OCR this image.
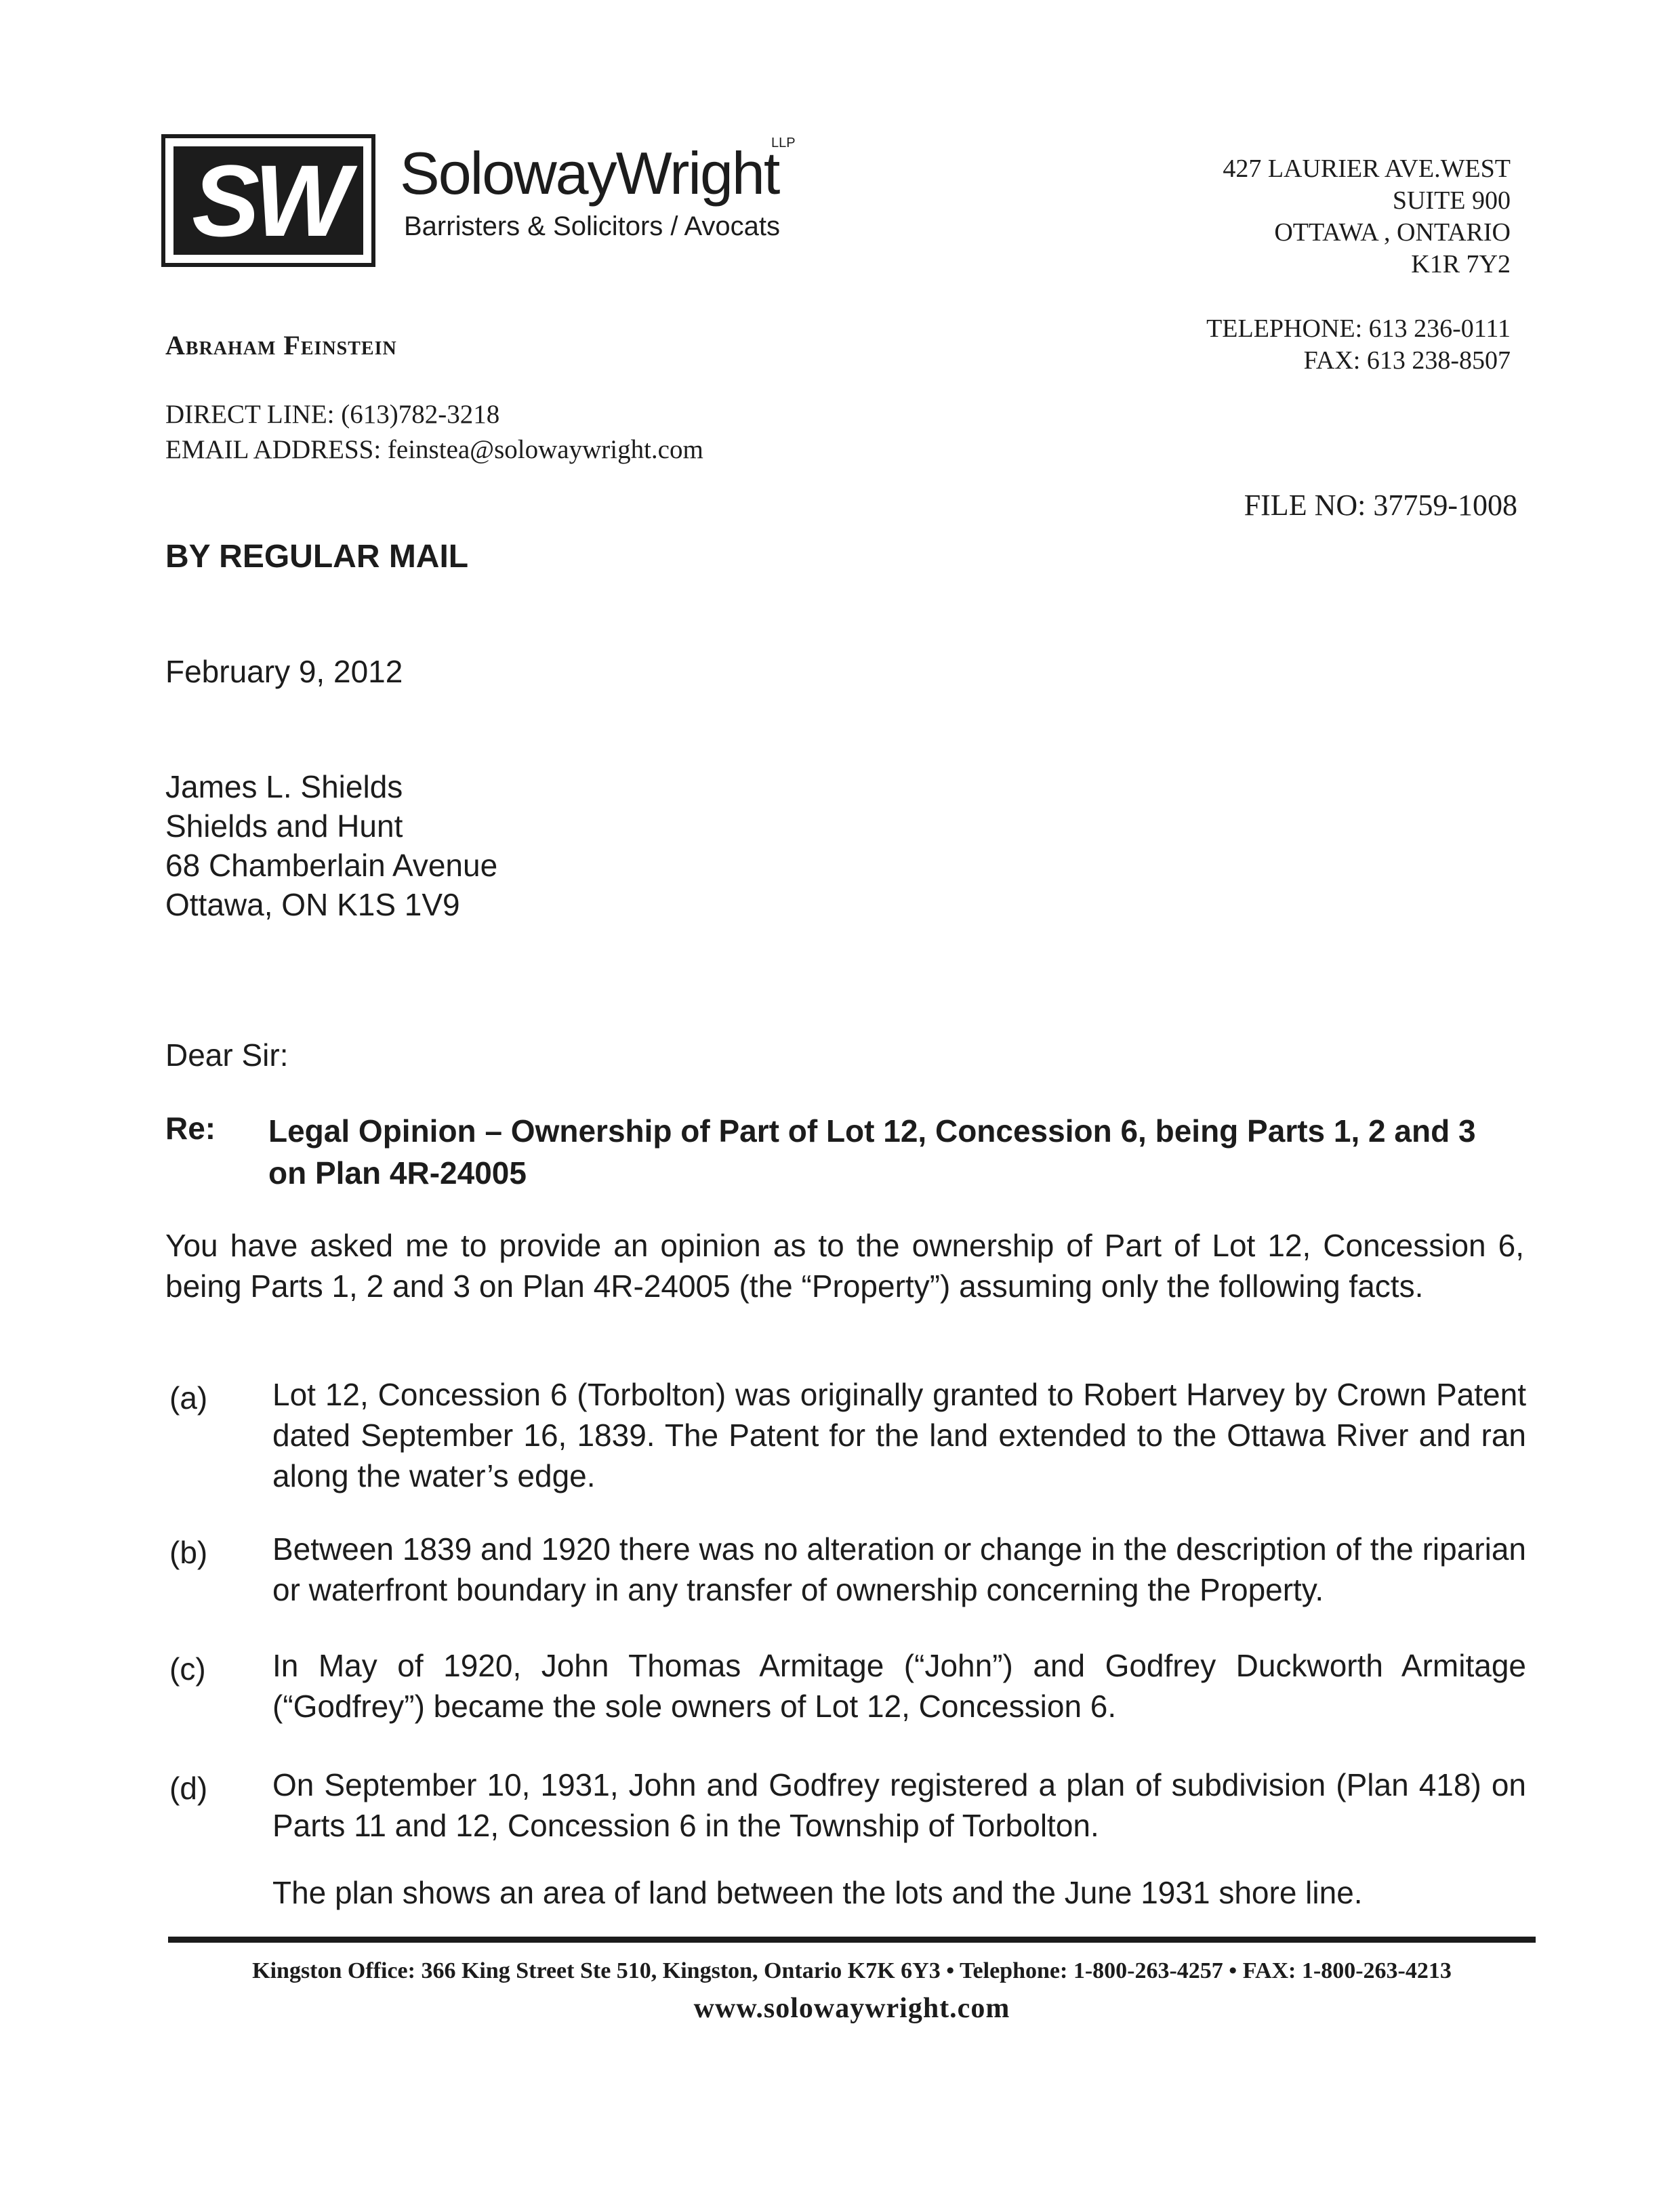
SW SolowayWright
LLP
Barristers & Solicitors / Avocats
427 LAURIER AVE.WEST
SUITE 900
OTTAWA , ONTARIO
K1R 7Y2
TELEPHONE: 613 236-0111
FAX: 613 238-8507
Abraham Feinstein
DIRECT LINE: (613)782-3218
EMAIL ADDRESS: feinstea@solowaywright.com
FILE NO: 37759-1008
BY REGULAR MAIL
February 9, 2012
James L. Shields
Shields and Hunt
68 Chamberlain Avenue
Ottawa, ON K1S 1V9
Dear Sir:
Re: Legal Opinion – Ownership of Part of Lot 12, Concession 6, being Parts 1, 2 and 3 on Plan 4R-24005
You have asked me to provide an opinion as to the ownership of Part of Lot 12, Concession 6, being Parts 1, 2 and 3 on Plan 4R-24005 (the “Property”) assuming only the following facts.
(a) Lot 12, Concession 6 (Torbolton) was originally granted to Robert Harvey by Crown Patent dated September 16, 1839. The Patent for the land extended to the Ottawa River and ran along the water’s edge.
(b) Between 1839 and 1920 there was no alteration or change in the description of the riparian or waterfront boundary in any transfer of ownership concerning the Property.
(c) In May of 1920, John Thomas Armitage (“John”) and Godfrey Duckworth Armitage (“Godfrey”) became the sole owners of Lot 12, Concession 6.
(d) On September 10, 1931, John and Godfrey registered a plan of subdivision (Plan 418) on Parts 11 and 12, Concession 6 in the Township of Torbolton.
The plan shows an area of land between the lots and the June 1931 shore line.
Kingston Office: 366 King Street Ste 510, Kingston, Ontario K7K 6Y3 • Telephone: 1-800-263-4257 • FAX: 1-800-263-4213
www.solowaywright.com
